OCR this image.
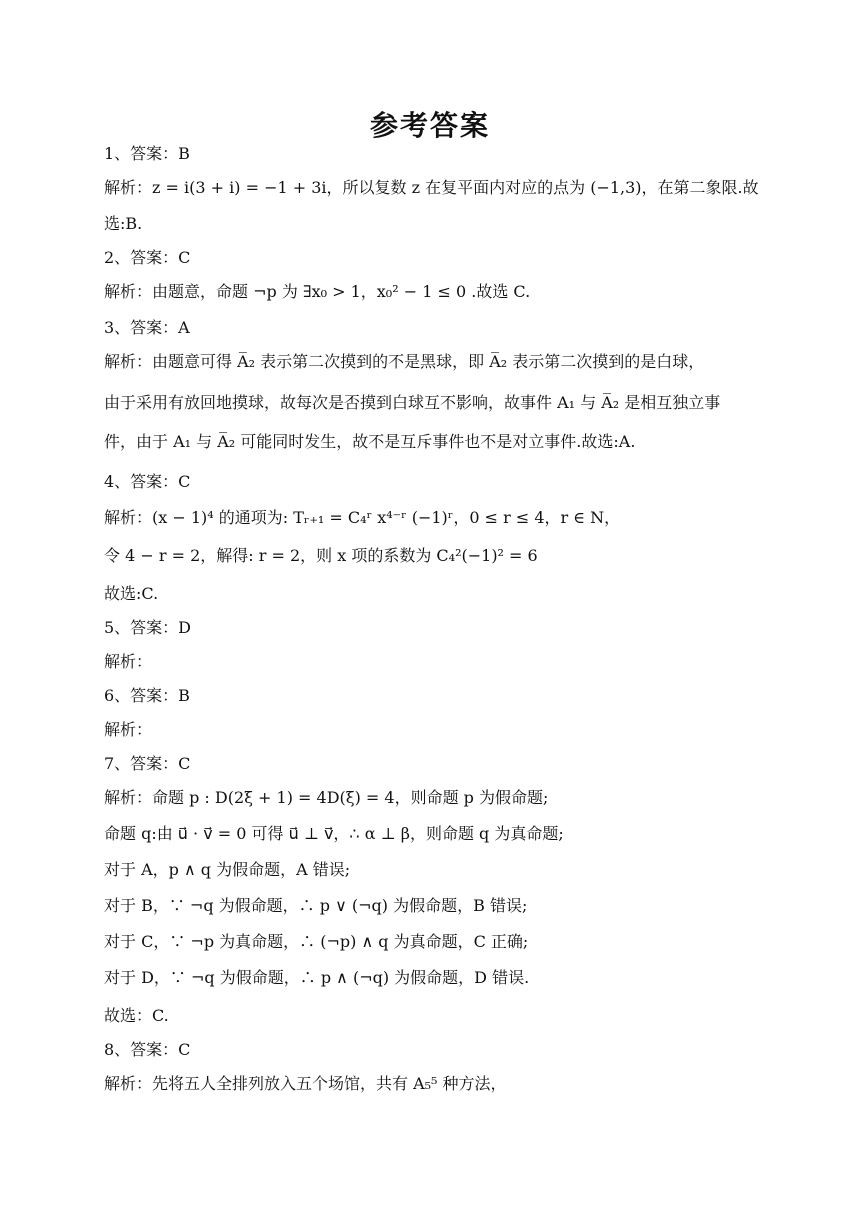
参考答案
1、答案：B
解析：z = i(3 + i) = −1 + 3i，所以复数 z 在复平面内对应的点为 (−1,3)，在第二象限.故
选:B.
2、答案：C
解析：由题意，命题 ¬p 为 ∃x₀ > 1，x₀² − 1 ≤ 0 .故选 C.
3、答案：A
解析：由题意可得 A̅₂ 表示第二次摸到的不是黑球，即 A̅₂ 表示第二次摸到的是白球，
由于采用有放回地摸球，故每次是否摸到白球互不影响，故事件 A₁ 与 A̅₂ 是相互独立事
件，由于 A₁ 与 A̅₂ 可能同时发生，故不是互斥事件也不是对立事件.故选:A.
4、答案：C
解析：(x − 1)⁴ 的通项为: Tᵣ₊₁ = C₄ʳ x⁴⁻ʳ (−1)ʳ，0 ≤ r ≤ 4，r ∈ N，
令 4 − r = 2，解得: r = 2，则 x 项的系数为 C₄²(−1)² = 6
故选:C.
5、答案：D
解析：
6、答案：B
解析：
7、答案：C
解析：命题 p : D(2ξ + 1) = 4D(ξ) = 4，则命题 p 为假命题;
命题 q:由 u⃗ · v⃗ = 0 可得 u⃗ ⊥ v⃗，∴ α ⊥ β，则命题 q 为真命题;
对于 A，p ∧ q 为假命题，A 错误;
对于 B，∵ ¬q 为假命题，∴ p ∨ (¬q) 为假命题，B 错误;
对于 C，∵ ¬p 为真命题，∴ (¬p) ∧ q 为真命题，C 正确;
对于 D，∵ ¬q 为假命题，∴ p ∧ (¬q) 为假命题，D 错误.
故选：C.
8、答案：C
解析：先将五人全排列放入五个场馆，共有 A₅⁵ 种方法，
